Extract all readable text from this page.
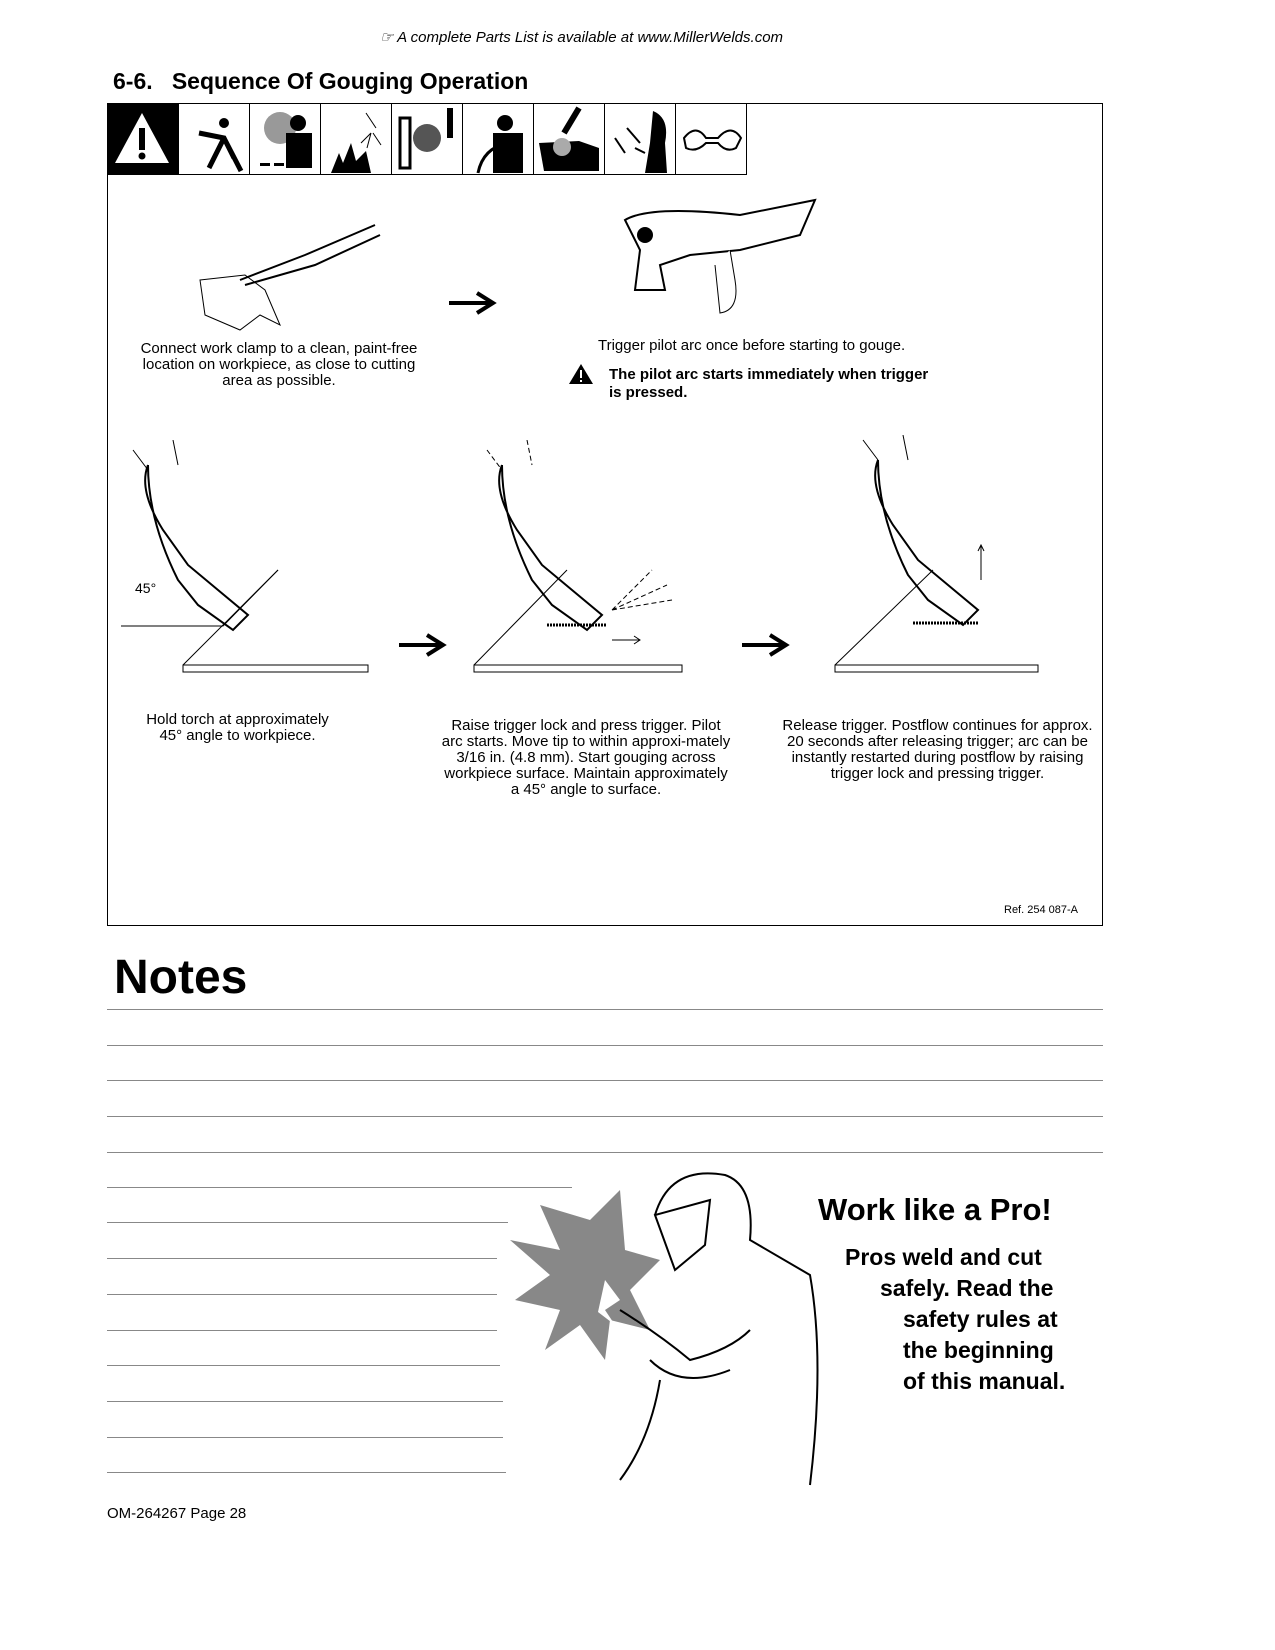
☞ A complete Parts List is available at www.MillerWelds.com
6-6. Sequence Of Gouging Operation
Connect work clamp to a clean, paint-free location on workpiece, as close to cutting area as possible.
Trigger pilot arc once before starting to gouge.
The pilot arc starts immediately when trigger is pressed.
45°
Hold torch at approximately
45° angle to workpiece.
Raise trigger lock and press trigger. Pilot arc starts. Move tip to within approxi-mately 3/16 in. (4.8 mm). Start gouging across workpiece surface. Maintain approximately a 45° angle to surface.
Release trigger. Postflow continues for approx. 20 seconds after releasing trigger; arc can be instantly restarted during postflow by raising trigger lock and pressing trigger.
Ref. 254 087-A
Notes
Work like a Pro!
Pros weld and cut
safely. Read the
safety rules at
the beginning
of this manual.
OM-264267 Page 28
